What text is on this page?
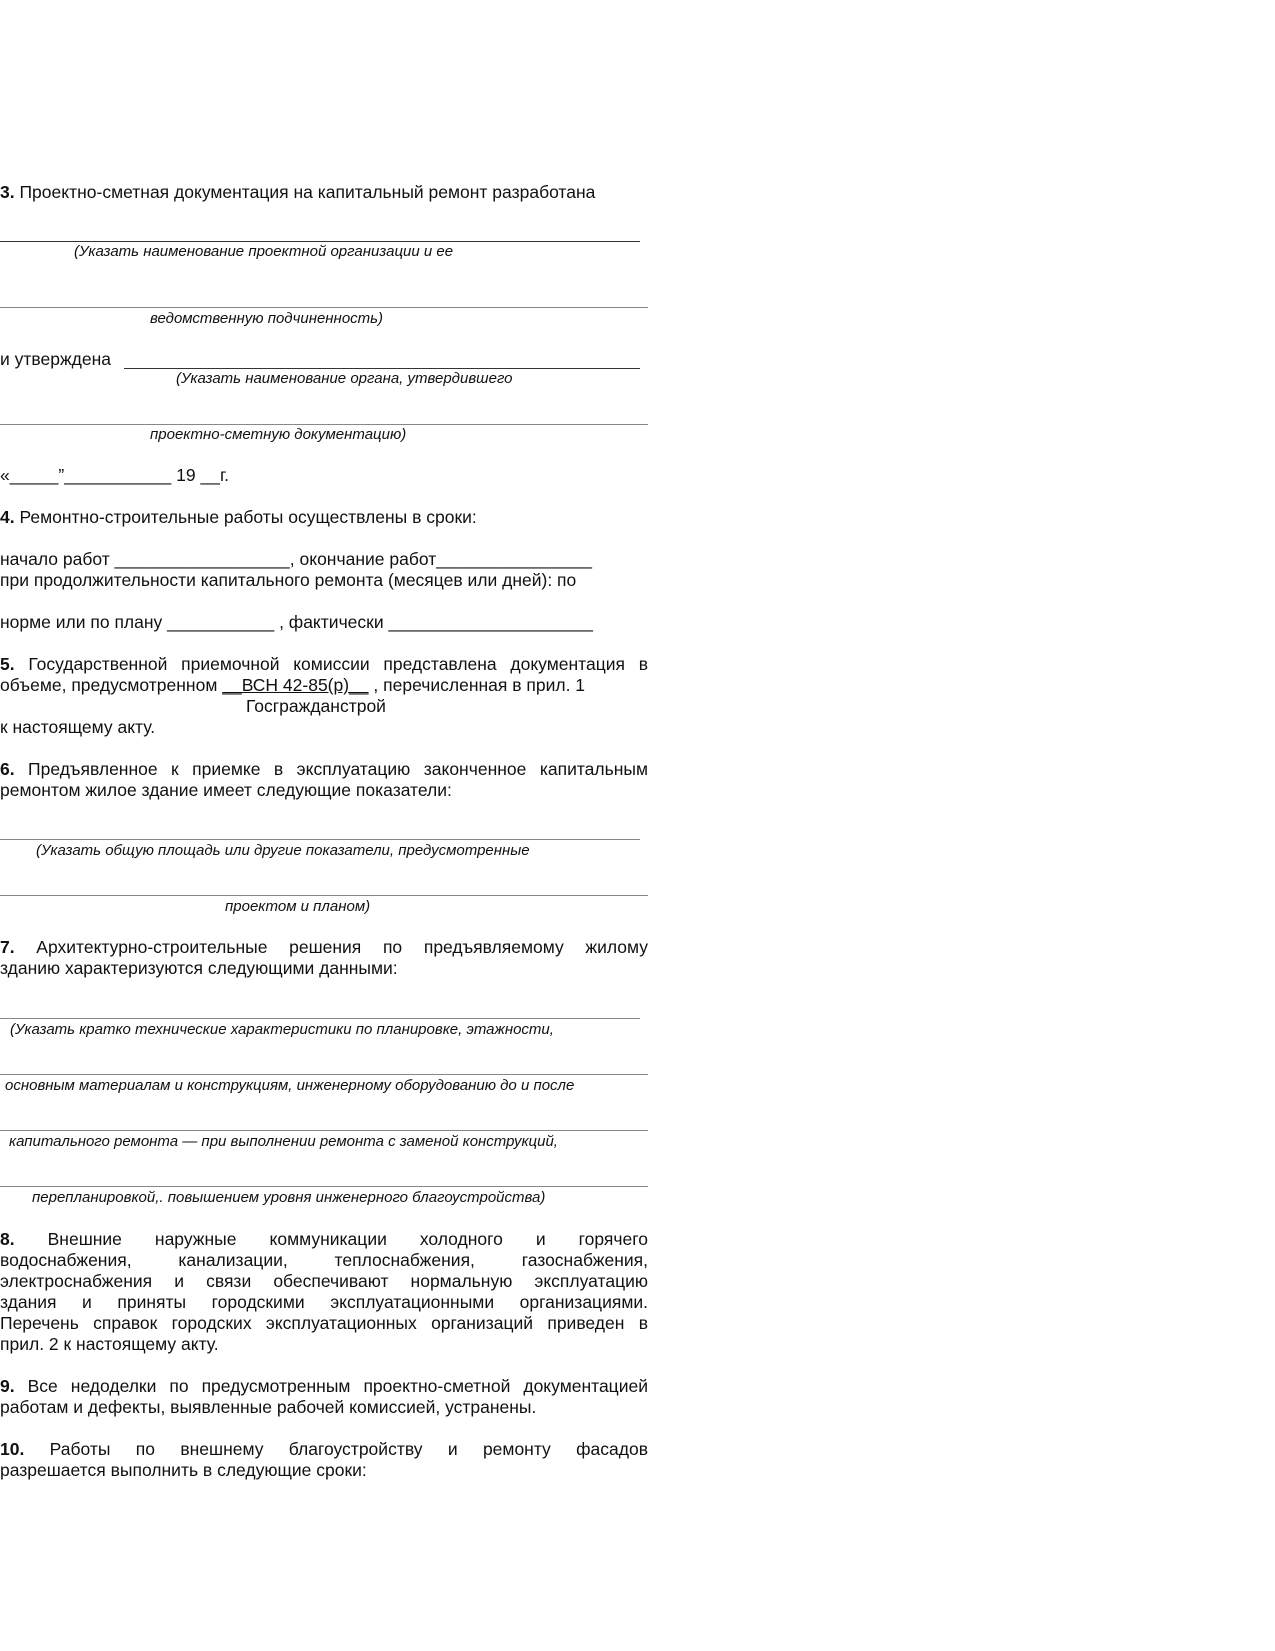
3. Проектно-сметная документация на капитальный ремонт разработана
(Указать наименование проектной организации и ее
ведомственную подчиненность)
и утверждена
(Указать наименование органа, утвердившего
проектно-сметную документацию)
«_____”___________ 19 __г.
4. Ремонтно-строительные работы осуществлены в сроки:
начало работ __________________, окончание работ________________
при продолжительности капитального ремонта (месяцев или дней): по
норме или по плану ___________ , фактически _____________________
5. Государственной приемочной комиссии представлена документация в
объеме, предусмотренном __ВСН 42-85(р)__ , перечисленная в прил. 1
Госгражданстрой
к настоящему акту.
6. Предъявленное к приемке в эксплуатацию законченное капитальным
ремонтом жилое здание имеет следующие показатели:
(Указать общую площадь или другие показатели, предусмотренные
проектом и планом)
7. Архитектурно-строительные решения по предъявляемому жилому
зданию характеризуются следующими данными:
(Указать кратко технические характеристики по планировке, этажности,
основным материалам и конструкциям, инженерному оборудованию до и после
капитального ремонта — при выполнении ремонта с заменой конструкций,
перепланировкой,. повышением уровня инженерного благоустройства)
8. Внешние наружные коммуникации холодного и горячего
водоснабжения, канализации, теплоснабжения, газоснабжения,
электроснабжения и связи обеспечивают нормальную эксплуатацию
здания и приняты городскими эксплуатационными организациями.
Перечень справок городских эксплуатационных организаций приведен в
прил. 2 к настоящему акту.
9. Все недоделки по предусмотренным проектно-сметной документацией
работам и дефекты, выявленные рабочей комиссией, устранены.
10. Работы по внешнему благоустройству и ремонту фасадов
разрешается выполнить в следующие сроки:
